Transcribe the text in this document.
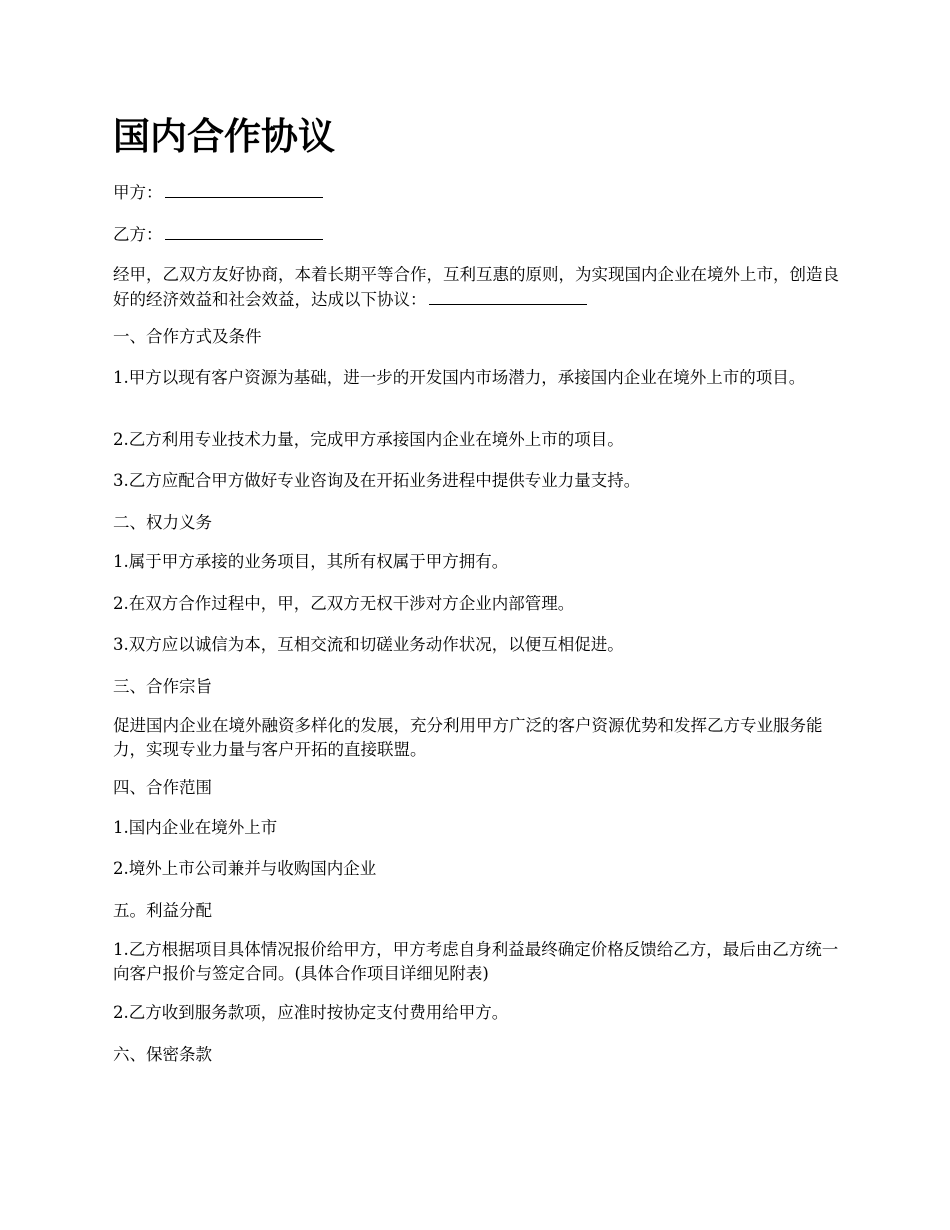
国内合作协议

甲方：

乙方：

经甲，乙双方友好协商，本着长期平等合作，互利互惠的原则，为实现国内企业在境外上市，创造良好的经济效益和社会效益，达成以下协议：

一、合作方式及条件

1.甲方以现有客户资源为基础，进一步的开发国内市场潜力，承接国内企业在境外上市的项目。

2.乙方利用专业技术力量，完成甲方承接国内企业在境外上市的项目。

3.乙方应配合甲方做好专业咨询及在开拓业务进程中提供专业力量支持。

二、权力义务

1.属于甲方承接的业务项目，其所有权属于甲方拥有。

2.在双方合作过程中，甲，乙双方无权干涉对方企业内部管理。

3.双方应以诚信为本，互相交流和切磋业务动作状况，以便互相促进。

三、合作宗旨

促进国内企业在境外融资多样化的发展，充分利用甲方广泛的客户资源优势和发挥乙方专业服务能力，实现专业力量与客户开拓的直接联盟。

四、合作范围

1.国内企业在境外上市

2.境外上市公司兼并与收购国内企业

五。利益分配

1.乙方根据项目具体情况报价给甲方，甲方考虑自身利益最终确定价格反馈给乙方，最后由乙方统一向客户报价与签定合同。(具体合作项目详细见附表)

2.乙方收到服务款项，应准时按协定支付费用给甲方。

六、保密条款
